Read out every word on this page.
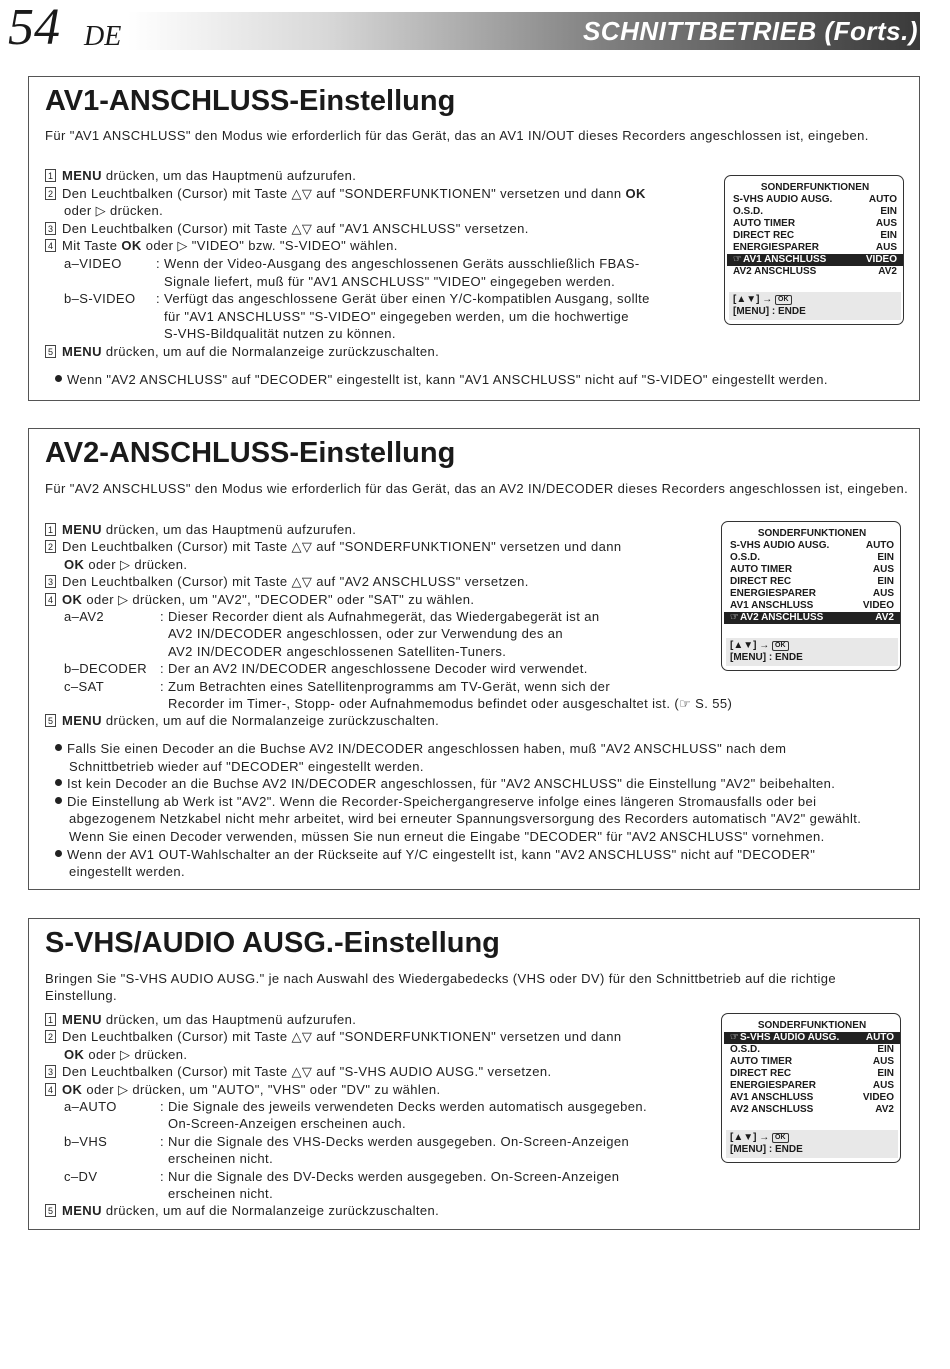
54 DE	SCHNITTBETRIEB (Forts.)
AV1-ANSCHLUSS-Einstellung
Für "AV1 ANSCHLUSS" den Modus wie erforderlich für das Gerät, das an AV1 IN/OUT dieses Recorders angeschlossen ist, eingeben.
SONDERFUNKTIONEN
S-VHS AUDIO AUSG.	AUTO
O.S.D.	EIN
AUTO TIMER	AUS
DIRECT REC	EIN
ENERGIESPARER	AUS
☞AV1 ANSCHLUSS	VIDEO
AV2 ANSCHLUSS	AV2
[▲▼] → OK
[MENU] : ENDE
1 MENU drücken, um das Hauptmenü aufzurufen.
2 Den Leuchtbalken (Cursor) mit Taste △▽ auf "SONDERFUNKTIONEN" versetzen und dann OK
oder ▷ drücken.
3 Den Leuchtbalken (Cursor) mit Taste △▽ auf "AV1 ANSCHLUSS" versetzen.
4 Mit Taste OK oder ▷ "VIDEO" bzw. "S-VIDEO" wählen.
a–VIDEO	: Wenn der Video-Ausgang des angeschlossenen Geräts ausschließlich FBAS-
Signale liefert, muß für "AV1 ANSCHLUSS" "VIDEO" eingegeben werden.
b–S-VIDEO : Verfügt das angeschlossene Gerät über einen Y/C-kompatiblen Ausgang, sollte
für "AV1 ANSCHLUSS" "S-VIDEO" eingegeben werden, um die hochwertige
S-VHS-Bildqualität nutzen zu können.
5 MENU drücken, um auf die Normalanzeige zurückzuschalten.
Wenn "AV2 ANSCHLUSS" auf "DECODER" eingestellt ist, kann "AV1 ANSCHLUSS" nicht auf "S-VIDEO" eingestellt werden.
AV2-ANSCHLUSS-Einstellung
Für "AV2 ANSCHLUSS" den Modus wie erforderlich für das Gerät, das an AV2 IN/DECODER dieses Recorders angeschlossen ist, eingeben.
SONDERFUNKTIONEN
S-VHS AUDIO AUSG.	AUTO
O.S.D.	EIN
AUTO TIMER	AUS
DIRECT REC	EIN
ENERGIESPARER	AUS
AV1 ANSCHLUSS	VIDEO
☞AV2 ANSCHLUSS	AV2
[▲▼] → OK
[MENU] : ENDE
1 MENU drücken, um das Hauptmenü aufzurufen.
2 Den Leuchtbalken (Cursor) mit Taste △▽ auf "SONDERFUNKTIONEN" versetzen und dann
OK oder ▷ drücken.
3 Den Leuchtbalken (Cursor) mit Taste △▽ auf "AV2 ANSCHLUSS" versetzen.
4 OK oder ▷ drücken, um "AV2", "DECODER" oder "SAT" zu wählen.
a–AV2	: Dieser Recorder dient als Aufnahmegerät, das Wiedergabegerät ist an
AV2 IN/DECODER angeschlossen, oder zur Verwendung des an
AV2 IN/DECODER angeschlossenen Satelliten-Tuners.
b–DECODER : Der an AV2 IN/DECODER angeschlossene Decoder wird verwendet.
c–SAT	: Zum Betrachten eines Satellitenprogramms am TV-Gerät, wenn sich der
Recorder im Timer-, Stopp- oder Aufnahmemodus befindet oder ausgeschaltet ist. (☞ S. 55)
5 MENU drücken, um auf die Normalanzeige zurückzuschalten.
Falls Sie einen Decoder an die Buchse AV2 IN/DECODER angeschlossen haben, muß "AV2 ANSCHLUSS" nach dem
Schnittbetrieb wieder auf "DECODER" eingestellt werden.
Ist kein Decoder an die Buchse AV2 IN/DECODER angeschlossen, für "AV2 ANSCHLUSS" die Einstellung "AV2" beibehalten.
Die Einstellung ab Werk ist "AV2". Wenn die Recorder-Speichergangreserve infolge eines längeren Stromausfalls oder bei
abgezogenem Netzkabel nicht mehr arbeitet, wird bei erneuter Spannungsversorgung des Recorders automatisch "AV2" gewählt.
Wenn Sie einen Decoder verwenden, müssen Sie nun erneut die Eingabe "DECODER" für "AV2 ANSCHLUSS" vornehmen.
Wenn der AV1 OUT-Wahlschalter an der Rückseite auf Y/C eingestellt ist, kann "AV2 ANSCHLUSS" nicht auf "DECODER"
eingestellt werden.
S-VHS/AUDIO AUSG.-Einstellung
Bringen Sie "S-VHS AUDIO AUSG." je nach Auswahl des Wiedergabedecks (VHS oder DV) für den Schnittbetrieb auf die richtige Einstellung.
SONDERFUNKTIONEN
☞S-VHS AUDIO AUSG.	AUTO
O.S.D.	EIN
AUTO TIMER	AUS
DIRECT REC	EIN
ENERGIESPARER	AUS
AV1 ANSCHLUSS	VIDEO
AV2 ANSCHLUSS	AV2
[▲▼] → OK
[MENU] : ENDE
1 MENU drücken, um das Hauptmenü aufzurufen.
2 Den Leuchtbalken (Cursor) mit Taste △▽ auf "SONDERFUNKTIONEN" versetzen und dann
OK oder ▷ drücken.
3 Den Leuchtbalken (Cursor) mit Taste △▽ auf "S-VHS AUDIO AUSG." versetzen.
4 OK oder ▷ drücken, um "AUTO", "VHS" oder "DV" zu wählen.
a–AUTO	: Die Signale des jeweils verwendeten Decks werden automatisch ausgegeben.
On-Screen-Anzeigen erscheinen auch.
b–VHS	: Nur die Signale des VHS-Decks werden ausgegeben. On-Screen-Anzeigen
erscheinen nicht.
c–DV	: Nur die Signale des DV-Decks werden ausgegeben. On-Screen-Anzeigen
erscheinen nicht.
5 MENU drücken, um auf die Normalanzeige zurückzuschalten.
